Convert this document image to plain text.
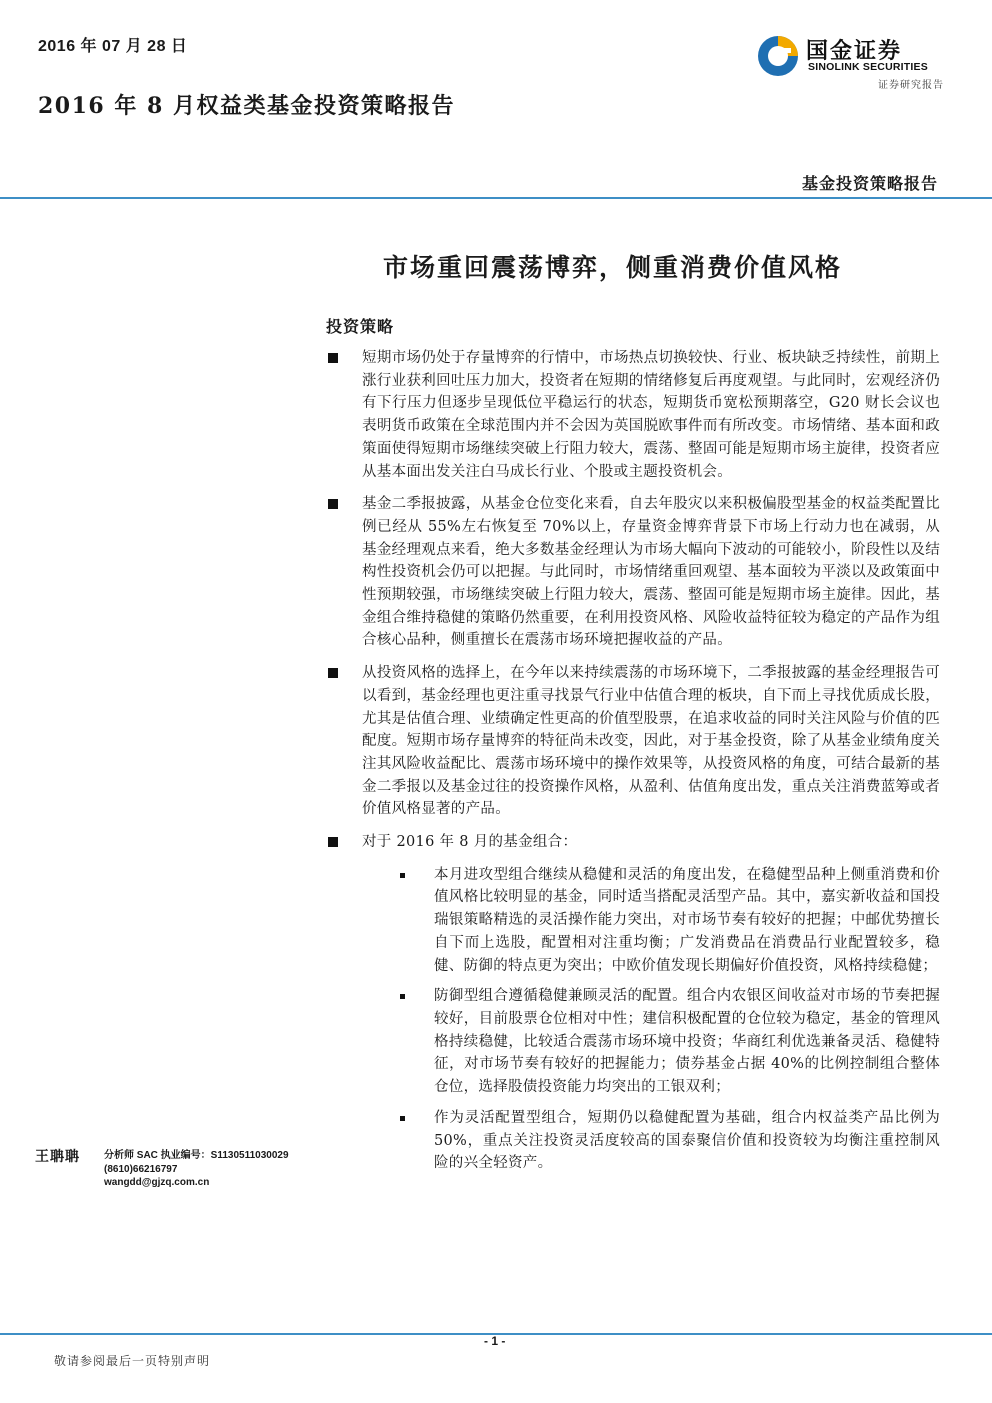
2016 年 07 月 28 日
2016 年 8 月权益类基金投资策略报告
国金证券
SINOLINK SECURITIES
证券研究报告
基金投资策略报告
市场重回震荡博弈，侧重消费价值风格
投资策略
短期市场仍处于存量博弈的行情中，市场热点切换较快、行业、板块缺乏持续性，前期上涨行业获利回吐压力加大，投资者在短期的情绪修复后再度观望。与此同时，宏观经济仍有下行压力但逐步呈现低位平稳运行的状态，短期货币宽松预期落空，G20 财长会议也表明货币政策在全球范围内并不会因为英国脱欧事件而有所改变。市场情绪、基本面和政策面使得短期市场继续突破上行阻力较大，震荡、整固可能是短期市场主旋律，投资者应从基本面出发关注白马成长行业、个股或主题投资机会。
基金二季报披露，从基金仓位变化来看，自去年股灾以来积极偏股型基金的权益类配置比例已经从 55%左右恢复至 70%以上，存量资金博弈背景下市场上行动力也在减弱，从基金经理观点来看，绝大多数基金经理认为市场大幅向下波动的可能较小，阶段性以及结构性投资机会仍可以把握。与此同时，市场情绪重回观望、基本面较为平淡以及政策面中性预期较强，市场继续突破上行阻力较大，震荡、整固可能是短期市场主旋律。因此，基金组合维持稳健的策略仍然重要，在利用投资风格、风险收益特征较为稳定的产品作为组合核心品种，侧重擅长在震荡市场环境把握收益的产品。
从投资风格的选择上，在今年以来持续震荡的市场环境下，二季报披露的基金经理报告可以看到，基金经理也更注重寻找景气行业中估值合理的板块，自下而上寻找优质成长股，尤其是估值合理、业绩确定性更高的价值型股票，在追求收益的同时关注风险与价值的匹配度。短期市场存量博弈的特征尚未改变，因此，对于基金投资，除了从基金业绩角度关注其风险收益配比、震荡市场环境中的操作效果等，从投资风格的角度，可结合最新的基金二季报以及基金过往的投资操作风格，从盈利、估值角度出发，重点关注消费蓝筹或者价值风格显著的产品。
对于 2016 年 8 月的基金组合：
本月进攻型组合继续从稳健和灵活的角度出发，在稳健型品种上侧重消费和价值风格比较明显的基金，同时适当搭配灵活型产品。其中，嘉实新收益和国投瑞银策略精选的灵活操作能力突出，对市场节奏有较好的把握；中邮优势擅长自下而上选股，配置相对注重均衡；广发消费品在消费品行业配置较多，稳健、防御的特点更为突出；中欧价值发现长期偏好价值投资，风格持续稳健；
防御型组合遵循稳健兼顾灵活的配置。组合内农银区间收益对市场的节奏把握较好，目前股票仓位相对中性；建信积极配置的仓位较为稳定，基金的管理风格持续稳健，比较适合震荡市场环境中投资；华商红利优选兼备灵活、稳健特征，对市场节奏有较好的把握能力；债券基金占据 40%的比例控制组合整体仓位，选择股债投资能力均突出的工银双利；
作为灵活配置型组合，短期仍以稳健配置为基础，组合内权益类产品比例为 50%，重点关注投资灵活度较高的国泰聚信价值和投资较为均衡注重控制风险的兴全轻资产。
王聃聃 分析师 SAC 执业编号：S1130511030029
(8610)66216797
wangdd@gjzq.com.cn
- 1 -
敬请参阅最后一页特别声明
